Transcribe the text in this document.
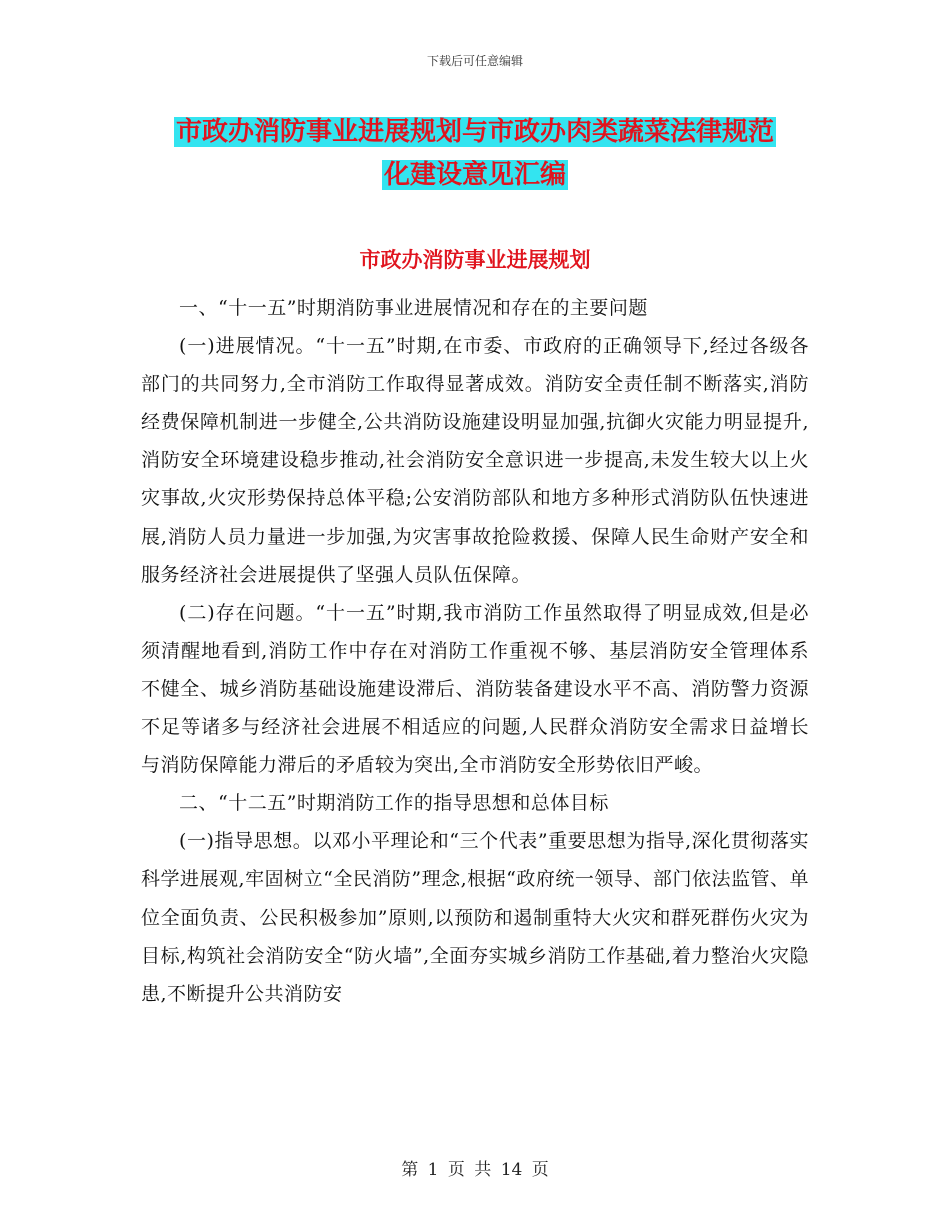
下载后可任意编辑
市政办消防事业进展规划与市政办肉类蔬菜法律规范
化建设意见汇编
市政办消防事业进展规划

一、“十一五”时期消防事业进展情况和存在的主要问题

(一)进展情况。“十一五”时期,在市委、市政府的正确领导下,经过各级各部门的共同努力,全市消防工作取得显著成效。消防安全责任制不断落实,消防经费保障机制进一步健全,公共消防设施建设明显加强,抗御火灾能力明显提升,消防安全环境建设稳步推动,社会消防安全意识进一步提高,未发生较大以上火灾事故,火灾形势保持总体平稳;公安消防部队和地方多种形式消防队伍快速进展,消防人员力量进一步加强,为灾害事故抢险救援、保障人民生命财产安全和服务经济社会进展提供了坚强人员队伍保障。

(二)存在问题。“十一五”时期,我市消防工作虽然取得了明显成效,但是必须清醒地看到,消防工作中存在对消防工作重视不够、基层消防安全管理体系不健全、城乡消防基础设施建设滞后、消防装备建设水平不高、消防警力资源不足等诸多与经济社会进展不相适应的问题,人民群众消防安全需求日益增长与消防保障能力滞后的矛盾较为突出,全市消防安全形势依旧严峻。

二、“十二五”时期消防工作的指导思想和总体目标

(一)指导思想。以邓小平理论和“三个代表”重要思想为指导,深化贯彻落实科学进展观,牢固树立“全民消防”理念,根据“政府统一领导、部门依法监管、单位全面负责、公民积极参加”原则,以预防和遏制重特大火灾和群死群伤火灾为目标,构筑社会消防安全“防火墙”,全面夯实城乡消防工作基础,着力整治火灾隐患,不断提升公共消防安

第 1 页 共 14 页
